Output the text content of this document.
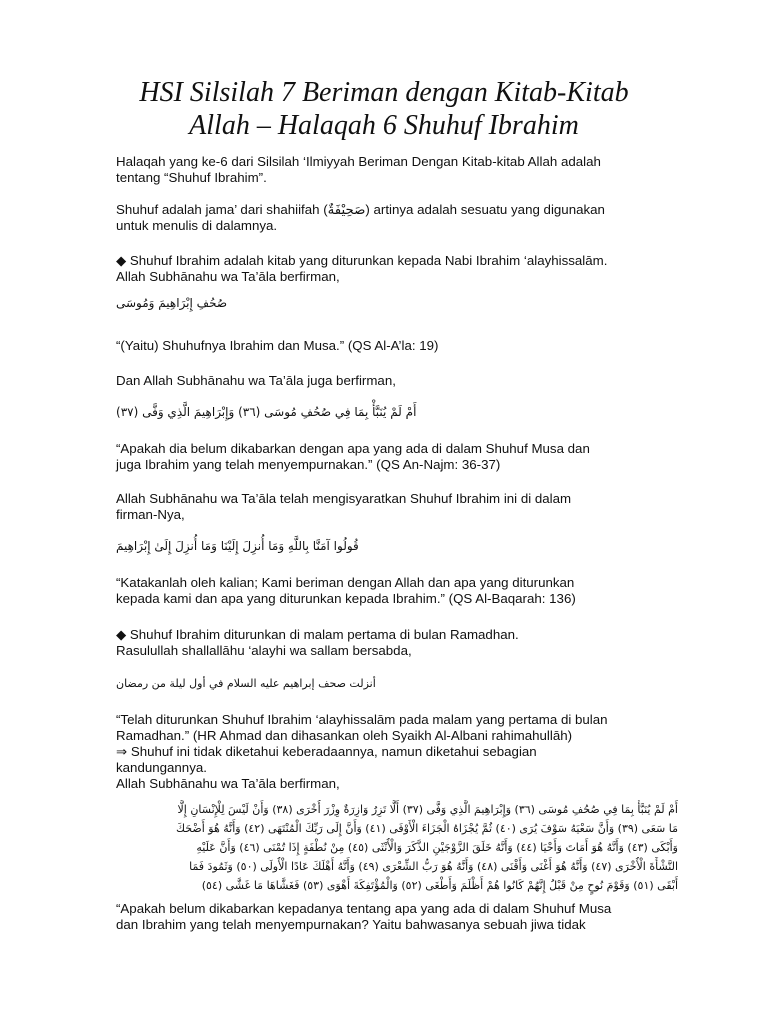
HSI Silsilah 7 Beriman dengan Kitab-Kitab
Allah – Halaqah 6 Shuhuf Ibrahim

Halaqah yang ke-6 dari Silsilah ‘Ilmiyyah Beriman Dengan Kitab-kitab Allah adalah
tentang “Shuhuf Ibrahim”.

Shuhuf adalah jama’ dari shahiifah (صَحِيْفَةٌ) artinya adalah sesuatu yang digunakan
untuk menulis di dalamnya.

◆ Shuhuf Ibrahim adalah kitab yang diturunkan kepada Nabi Ibrahim ‘alayhissalām.
Allah Subhānahu wa Ta’āla berfirman,

صُحُفِ إِبْرَاهِيمَ وَمُوسَى

“(Yaitu) Shuhufnya Ibrahim dan Musa.” (QS Al-A’la: 19)

Dan Allah Subhānahu wa Ta’āla juga berfirman,

أَمْ لَمْ يُنَبَّأْ بِمَا فِي صُحُفِ مُوسَى (٣٦) وَإِبْرَاهِيمَ الَّذِي وَفَّى (٣٧)

“Apakah dia belum dikabarkan dengan apa yang ada di dalam Shuhuf Musa dan
juga Ibrahim yang telah menyempurnakan.” (QS An-Najm: 36-37)

Allah Subhānahu wa Ta’āla telah mengisyaratkan Shuhuf Ibrahim ini di dalam
firman-Nya,

قُولُوا آمَنَّا بِاللَّهِ وَمَا أُنزِلَ إِلَيْنَا وَمَا أُنزِلَ إِلَىٰ إِبْرَاهِيمَ

“Katakanlah oleh kalian; Kami beriman dengan Allah dan apa yang diturunkan
kepada kami dan apa yang diturunkan kepada Ibrahim.” (QS Al-Baqarah: 136)

◆ Shuhuf Ibrahim diturunkan di malam pertama di bulan Ramadhan.
Rasulullah shallallāhu ‘alayhi wa sallam bersabda,

أنزلت صحف إبراهيم عليه السلام في أول ليلة من رمضان

“Telah diturunkan Shuhuf Ibrahim ‘alayhissalām pada malam yang pertama di bulan
Ramadhan.” (HR Ahmad dan dihasankan oleh Syaikh Al-Albani rahimahullāh)
⇒ Shuhuf ini tidak diketahui keberadaannya, namun diketahui sebagian
kandungannya.
Allah Subhānahu wa Ta’āla berfirman,

أَمْ لَمْ يُنَبَّأْ بِمَا فِي صُحُفِ مُوسَى (٣٦) وَإِبْرَاهِيمَ الَّذِي وَفَّى (٣٧) أَلَّا تَزِرُ وَازِرَةٌ وِزْرَ أُخْرَى (٣٨) وَأَنْ لَيْسَ لِلْإِنْسَانِ إِلَّا
مَا سَعَى (٣٩) وَأَنَّ سَعْيَهُ سَوْفَ يُرَى (٤٠) ثُمَّ يُجْزَاهُ الْجَزَاءَ الْأَوْفَى (٤١) وَأَنَّ إِلَى رَبِّكَ الْمُنْتَهَى (٤٢) وَأَنَّهُ هُوَ أَضْحَكَ
وَأَبْكَى (٤٣) وَأَنَّهُ هُوَ أَمَاتَ وَأَحْيَا (٤٤) وَأَنَّهُ خَلَقَ الزَّوْجَيْنِ الذَّكَرَ وَالْأُنْثَى (٤٥) مِنْ نُطْفَةٍ إِذَا تُمْنَى (٤٦) وَأَنَّ عَلَيْهِ
النَّشْأَةَ الْأُخْرَى (٤٧) وَأَنَّهُ هُوَ أَغْنَى وَأَقْنَى (٤٨) وَأَنَّهُ هُوَ رَبُّ الشِّعْرَى (٤٩) وَأَنَّهُ أَهْلَكَ عَادًا الْأُولَى (٥٠) وَثَمُودَ فَمَا
أَبْقَى (٥١) وَقَوْمَ نُوحٍ مِنْ قَبْلُ إِنَّهُمْ كَانُوا هُمْ أَظْلَمَ وَأَطْغَى (٥٢) وَالْمُؤْتَفِكَةَ أَهْوَى (٥٣) فَغَشَّاهَا مَا غَشَّى (٥٤)

“Apakah belum dikabarkan kepadanya tentang apa yang ada di dalam Shuhuf Musa
dan Ibrahim yang telah menyempurnakan? Yaitu bahwasanya sebuah jiwa tidak
